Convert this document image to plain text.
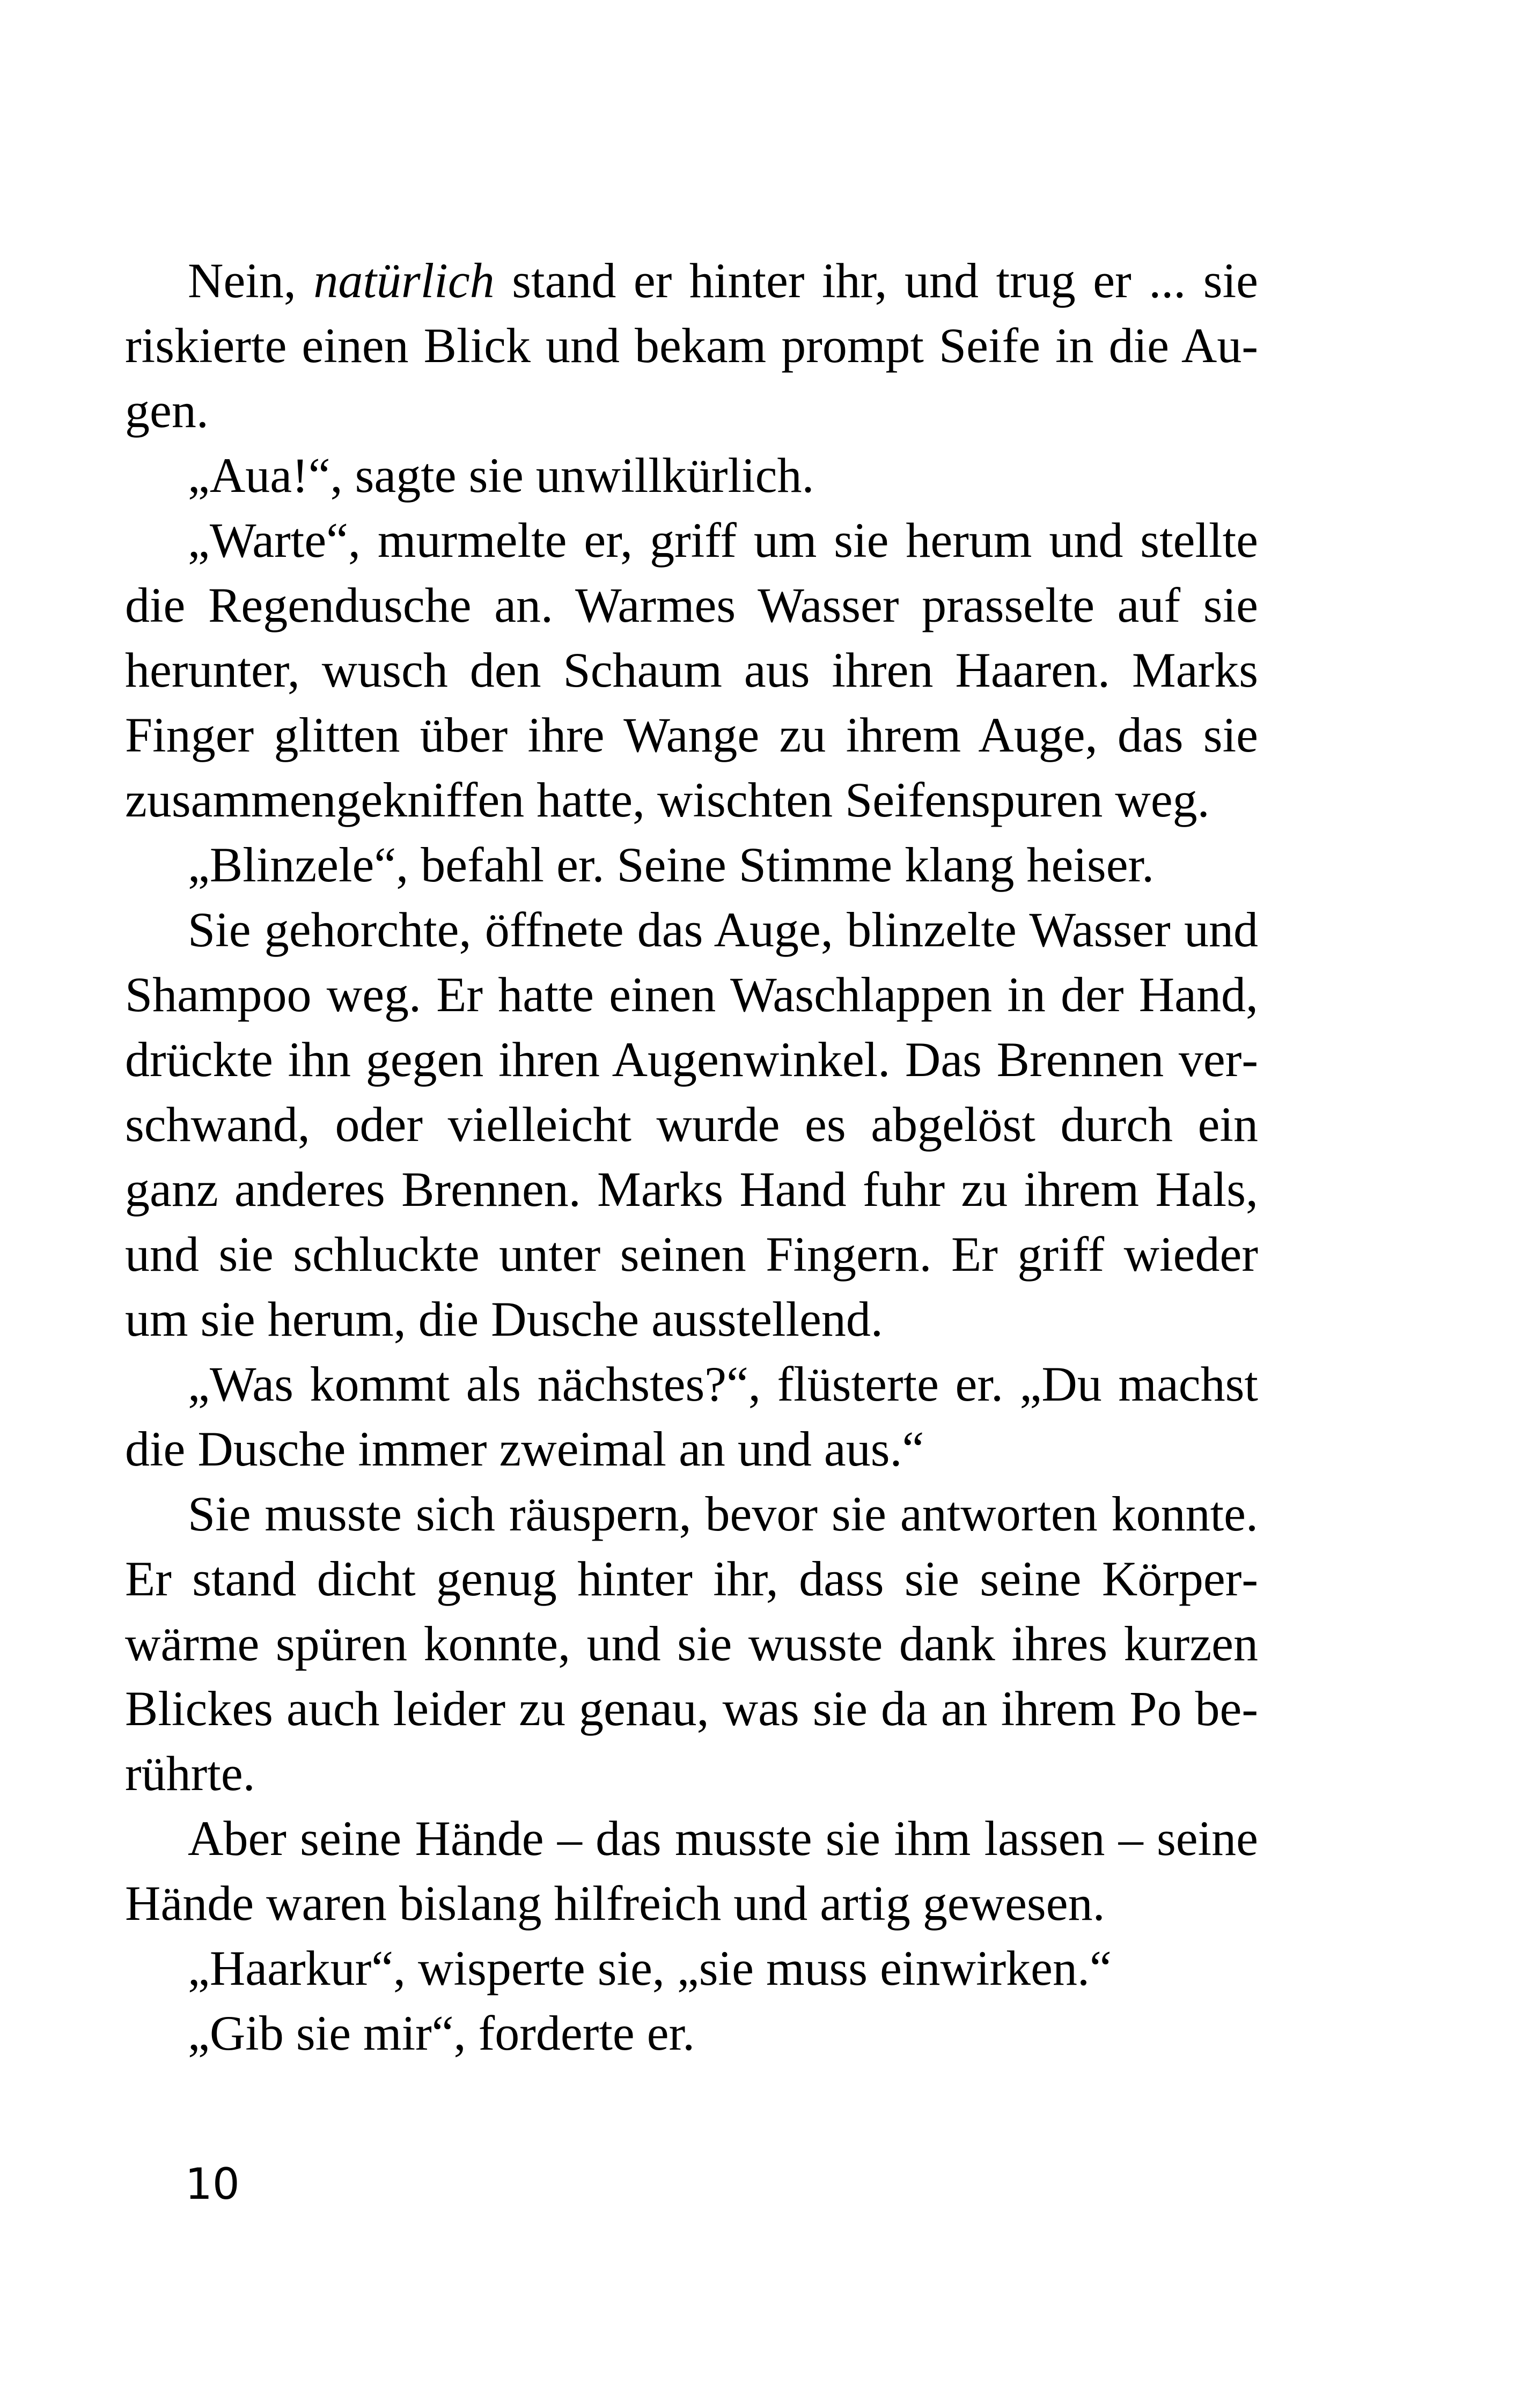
Nein, natürlich stand er hinter ihr, und trug er ... sie riskierte einen Blick und bekam prompt Seife in die Augen.

„Aua!“, sagte sie unwillkürlich.

„Warte“, murmelte er, griff um sie herum und stellte die Regendusche an. Warmes Wasser prasselte auf sie herunter, wusch den Schaum aus ihren Haaren. Marks Finger glitten über ihre Wange zu ihrem Auge, das sie zusammengekniffen hatte, wischten Seifenspuren weg.

„Blinzele“, befahl er. Seine Stimme klang heiser.

Sie gehorchte, öffnete das Auge, blinzelte Wasser und Shampoo weg. Er hatte einen Waschlappen in der Hand, drückte ihn gegen ihren Augenwinkel. Das Brennen verschwand, oder vielleicht wurde es abgelöst durch ein ganz anderes Brennen. Marks Hand fuhr zu ihrem Hals, und sie schluckte unter seinen Fingern. Er griff wieder um sie herum, die Dusche ausstellend.

„Was kommt als nächstes?“, flüsterte er. „Du machst die Dusche immer zweimal an und aus.“

Sie musste sich räuspern, bevor sie antworten konnte. Er stand dicht genug hinter ihr, dass sie seine Körperwärme spüren konnte, und sie wusste dank ihres kurzen Blickes auch leider zu genau, was sie da an ihrem Po berührte.

Aber seine Hände – das musste sie ihm lassen – seine Hände waren bislang hilfreich und artig gewesen.

„Haarkur“, wisperte sie, „sie muss einwirken.“

„Gib sie mir“, forderte er.

10
